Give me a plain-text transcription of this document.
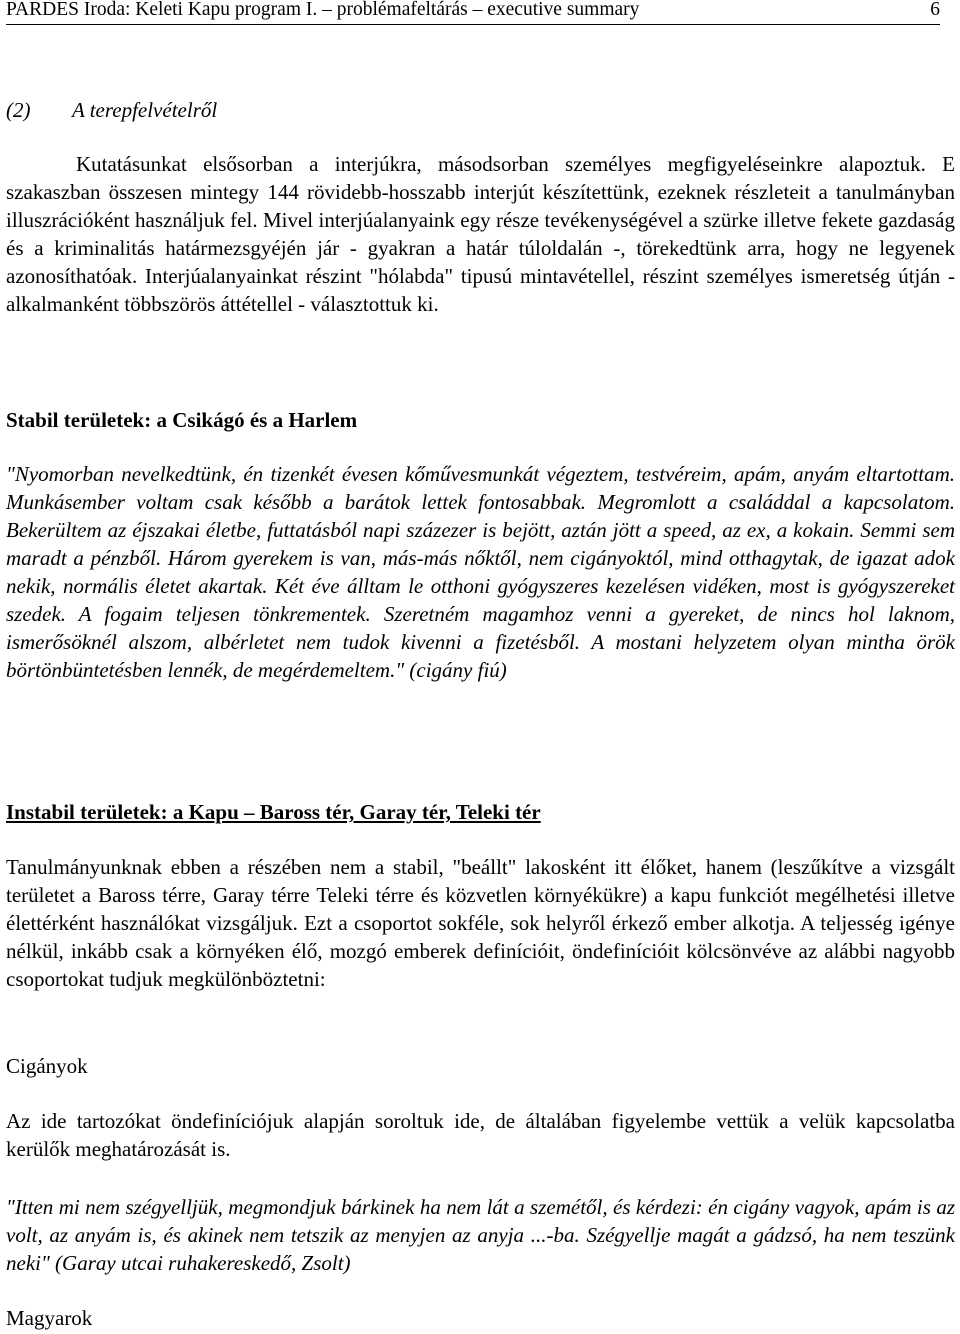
PARDES Iroda: Keleti Kapu program I. – problémafeltárás – executive summary	6
(2) A terepfelvételről

Kutatásunkat elsősorban a interjúkra, másodsorban személyes megfigyeléseinkre alapoztuk. E szakaszban összesen mintegy 144 rövidebb-hosszabb interjút készítettünk, ezeknek részleteit a tanulmányban illuszrációként használjuk fel. Mivel interjúalanyaink egy része tevékenységével a szürke illetve fekete gazdaság és a kriminalitás határmezsgyéjén jár - gyakran a határ túloldalán -, törekedtünk arra, hogy ne legyenek azonosíthatóak. Interjúalanyainkat részint "hólabda" tipusú mintavétellel, részint személyes ismeretség útján - alkalmanként többszörös áttétellel - választottuk ki.

Stabil területek: a Csikágó és a Harlem

"Nyomorban nevelkedtünk, én tizenkét évesen kőművesmunkát végeztem, testvéreim, apám, anyám eltartottam. Munkásember voltam csak később a barátok lettek fontosabbak. Megromlott a családdal a kapcsolatom. Bekerültem az éjszakai életbe, futtatásból napi százezer is bejött, aztán jött a speed, az ex, a kokain. Semmi sem maradt a pénzből. Három gyerekem is van, más-más nőktől, nem cigányoktól, mind otthagytak, de igazat adok nekik, normális életet akartak. Két éve álltam le otthoni gyógyszeres kezelésen vidéken, most is gyógyszereket szedek. A fogaim teljesen tönkrementek. Szeretném magamhoz venni a gyereket, de nincs hol laknom, ismerősöknél alszom, albérletet nem tudok kivenni a fizetésből. A mostani helyzetem olyan mintha örök börtönbüntetésben lennék, de megérdemeltem." (cigány fiú)

Instabil területek: a Kapu – Baross tér, Garay tér, Teleki tér

Tanulmányunknak ebben a részében nem a stabil, "beállt" lakosként itt élőket, hanem (leszűkítve a vizsgált területet a Baross térre, Garay térre Teleki térre és közvetlen környékükre) a kapu funkciót megélhetési illetve élettérként használókat vizsgáljuk. Ezt a csoportot sokféle, sok helyről érkező ember alkotja. A teljesség igénye nélkül, inkább csak a környéken élő, mozgó emberek definícióit, öndefinícióit kölcsönvéve az alábbi nagyobb csoportokat tudjuk megkülönböztetni:

Cigányok

Az ide tartozókat öndefiníciójuk alapján soroltuk ide, de általában figyelembe vettük a velük kapcsolatba kerülők meghatározását is.

"Itten mi nem szégyelljük, megmondjuk bárkinek ha nem lát a szemétől, és kérdezi: én cigány vagyok, apám is az volt, az anyám is, és akinek nem tetszik az menyjen az anyja ...-ba. Szégyellje magát a gádzsó, ha nem teszünk neki" (Garay utcai ruhakereskedő, Zsolt)

Magyarok
